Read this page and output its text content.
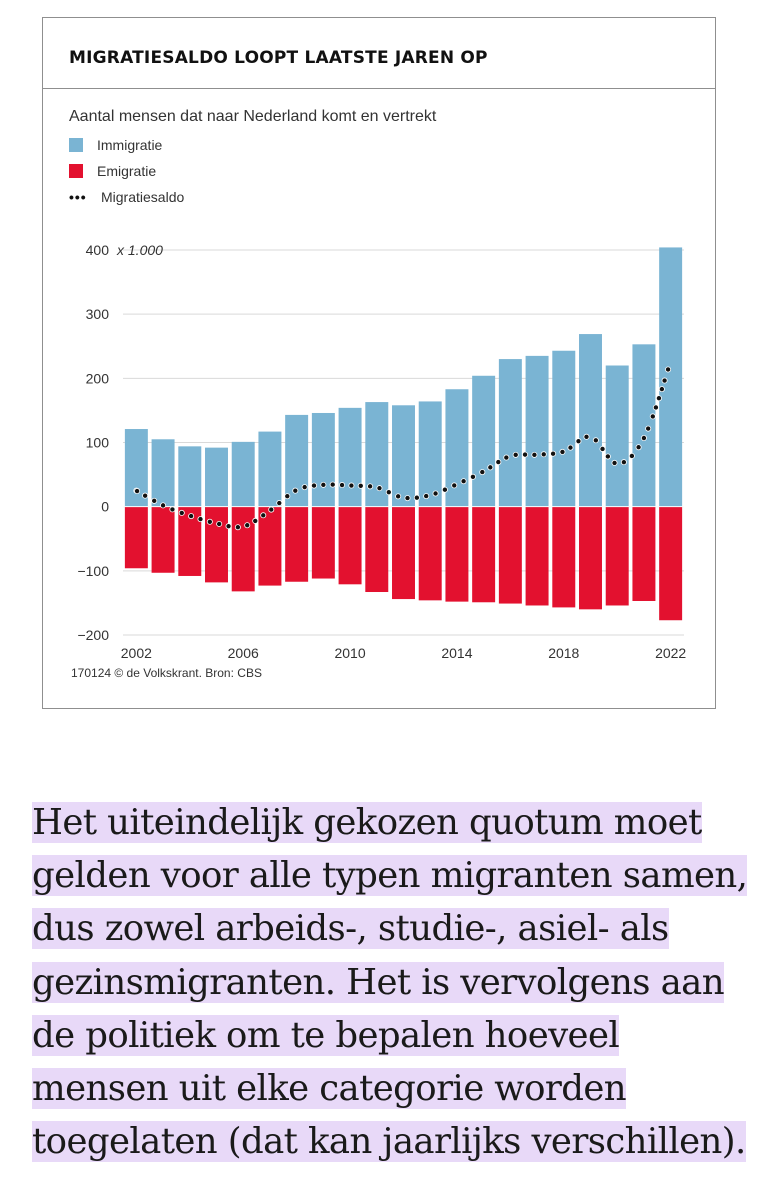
MIGRATIESALDO LOOPT LAATSTE JAREN OP
Aantal mensen dat naar Nederland komt en vertrekt
Immigratie
Emigratie
•••	Migratiesaldo
400
300
200
100
0
−100
−200
x 1.000
2002	2006	2010	2014	2018	2022
170124 © de Volkskrant. Bron: CBS
Het uiteindelijk gekozen quotum moet
gelden voor alle typen migranten samen,
dus zowel arbeids-, studie-, asiel- als
gezinsmigranten. Het is vervolgens aan
de politiek om te bepalen hoeveel
mensen uit elke categorie worden
toegelaten (dat kan jaarlijks verschillen).
